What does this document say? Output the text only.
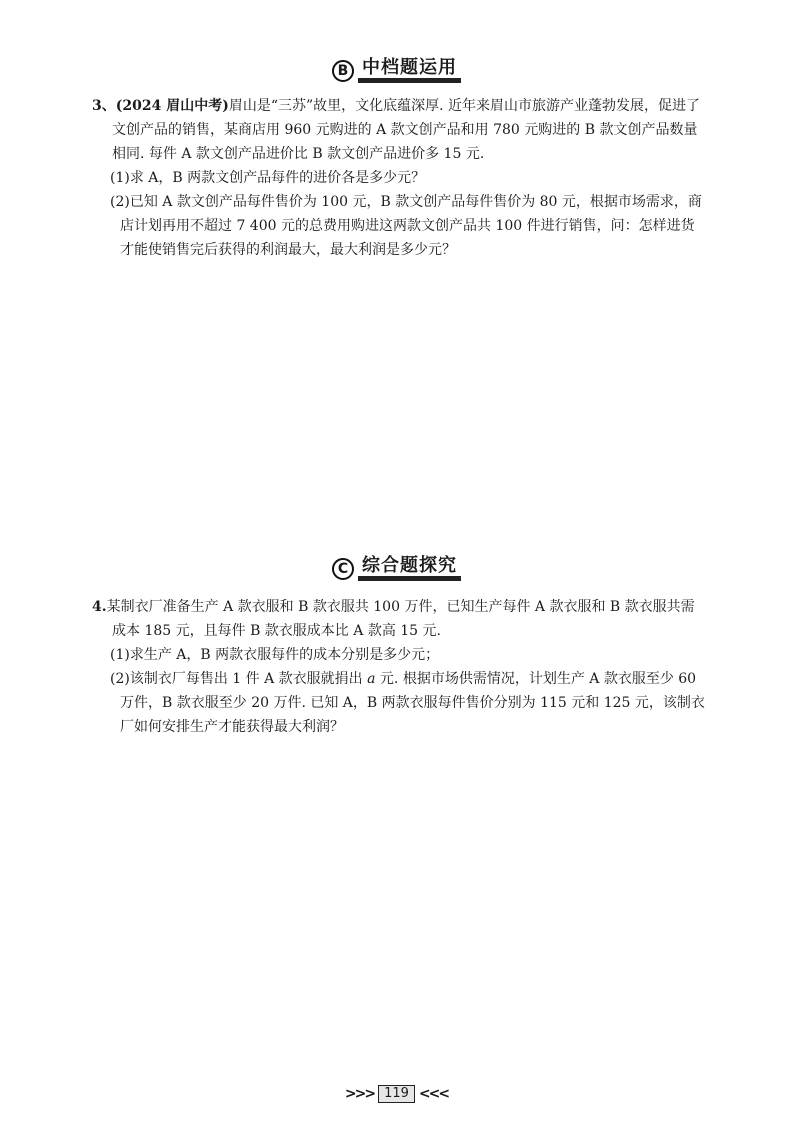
B 中档题运用
3、(2024 眉山中考)眉山是“三苏”故里，文化底蕴深厚. 近年来眉山市旅游产业蓬勃发展，促进了
文创产品的销售，某商店用 960 元购进的 A 款文创产品和用 780 元购进的 B 款文创产品数量
相同. 每件 A 款文创产品进价比 B 款文创产品进价多 15 元.
(1)求 A，B 两款文创产品每件的进价各是多少元？
(2)已知 A 款文创产品每件售价为 100 元，B 款文创产品每件售价为 80 元，根据市场需求，商
店计划再用不超过 7 400 元的总费用购进这两款文创产品共 100 件进行销售，问：怎样进货
才能使销售完后获得的利润最大，最大利润是多少元？
C 综合题探究
4.某制衣厂准备生产 A 款衣服和 B 款衣服共 100 万件，已知生产每件 A 款衣服和 B 款衣服共需
成本 185 元，且每件 B 款衣服成本比 A 款高 15 元.
(1)求生产 A，B 两款衣服每件的成本分别是多少元；
(2)该制衣厂每售出 1 件 A 款衣服就捐出 a 元. 根据市场供需情况，计划生产 A 款衣服至少 60
万件，B 款衣服至少 20 万件. 已知 A，B 两款衣服每件售价分别为 115 元和 125 元，该制衣
厂如何安排生产才能获得最大利润？
>>> 119 <<<
